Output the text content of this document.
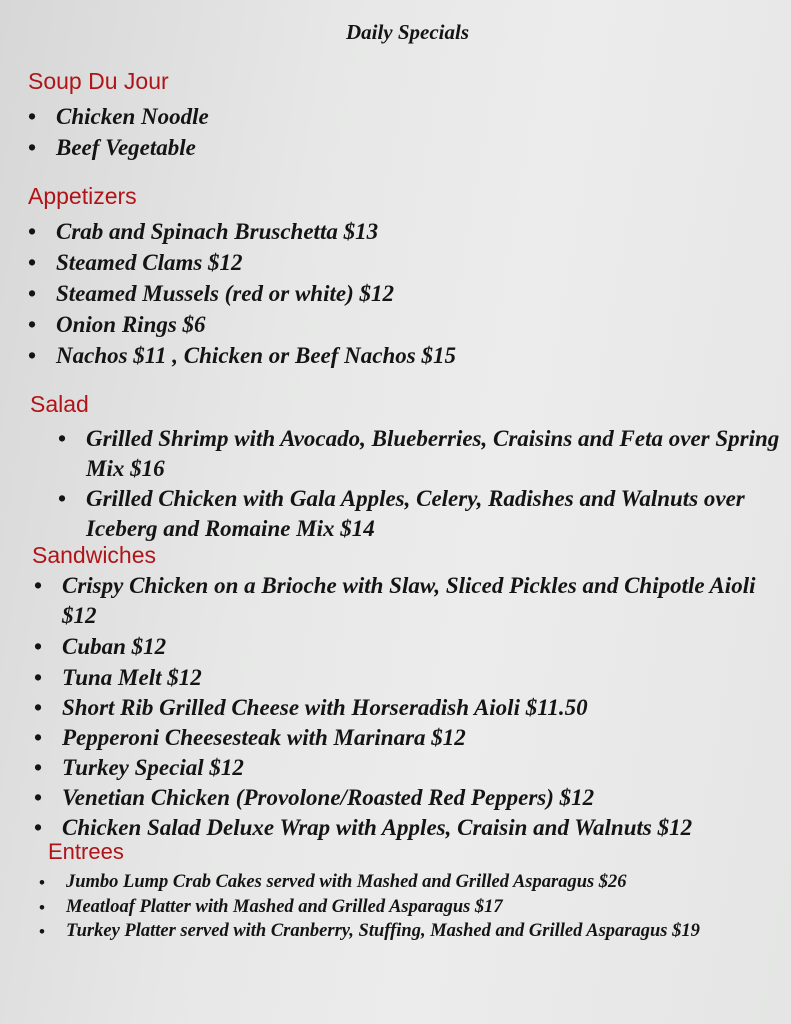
Daily Specials
Soup Du Jour
• Chicken Noodle
• Beef Vegetable
Appetizers
• Crab and Spinach Bruschetta $13
• Steamed Clams $12
• Steamed Mussels (red or white) $12
• Onion Rings $6
• Nachos $11 , Chicken or Beef Nachos $15
Salad
• Grilled Shrimp with Avocado, Blueberries, Craisins and Feta over Spring Mix $16
• Grilled Chicken with Gala Apples, Celery, Radishes and Walnuts over Iceberg and Romaine Mix $14
Sandwiches
• Crispy Chicken on a Brioche with Slaw, Sliced Pickles and Chipotle Aioli $12
• Cuban $12
• Tuna Melt $12
• Short Rib Grilled Cheese with Horseradish Aioli $11.50
• Pepperoni Cheesesteak with Marinara $12
• Turkey Special $12
• Venetian Chicken (Provolone/Roasted Red Peppers) $12
• Chicken Salad Deluxe Wrap with Apples, Craisin and Walnuts $12
Entrees
• Jumbo Lump Crab Cakes served with Mashed and Grilled Asparagus $26
• Meatloaf Platter with Mashed and Grilled Asparagus $17
• Turkey Platter served with Cranberry, Stuffing, Mashed and Grilled Asparagus $19
